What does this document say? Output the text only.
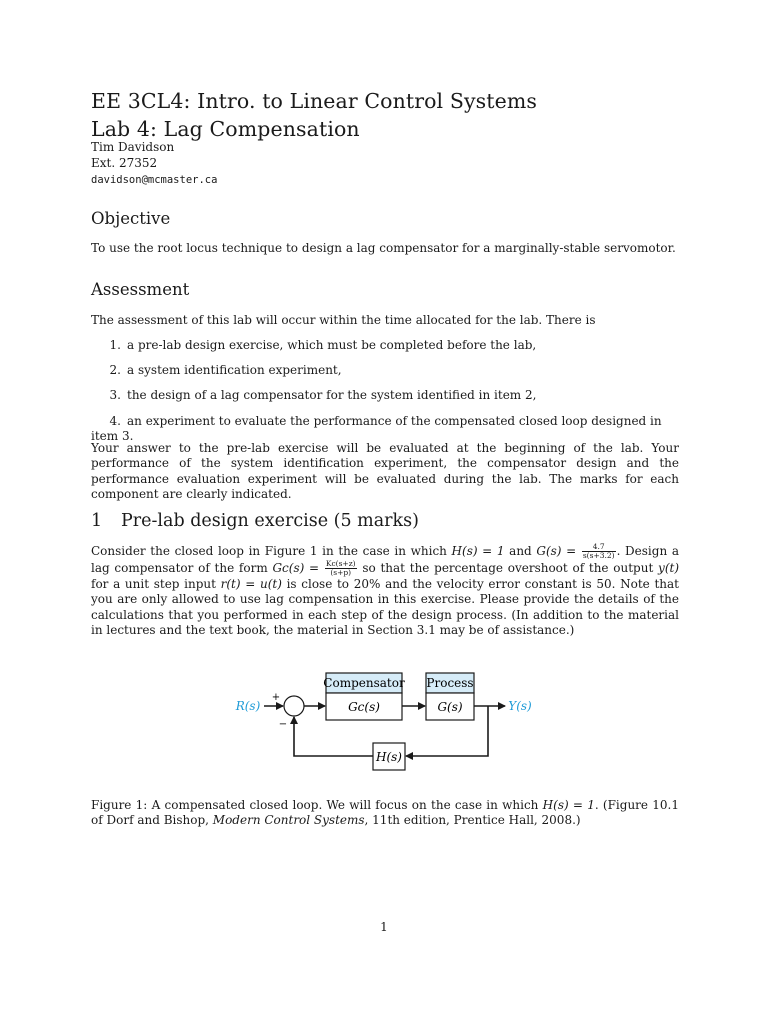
EE 3CL4: Intro. to Linear Control Systems
Lab 4: Lag Compensation
Tim Davidson
Ext. 27352
davidson@mcmaster.ca
Objective
To use the root locus technique to design a lag compensator for a marginally-stable servomotor.
Assessment
The assessment of this lab will occur within the time allocated for the lab. There is
1. a pre-lab design exercise, which must be completed before the lab,
2. a system identification experiment,
3. the design of a lag compensator for the system identified in item 2,
4. an experiment to evaluate the performance of the compensated closed loop designed in item 3.
Your answer to the pre-lab exercise will be evaluated at the beginning of the lab. Your performance of the system identification experiment, the compensator design and the performance evaluation experiment will be evaluated during the lab. The marks for each component are clearly indicated.
1 Pre-lab design exercise (5 marks)
Consider the closed loop in Figure 1 in the case in which H(s) = 1 and $G(s) = \frac{4.7}{s(s+3.2)}$ . Design a lag compensator of the form $Gc(s) = \frac{Kc(s+z)}{(s+p)}$ so that the percentage overshoot of the output y(t) for a unit step input r(t) = u(t) is close to 20% and the velocity error constant is 50. Note that you are only allowed to use lag compensation in this exercise. Please provide the details of the calculations that you performed in each step of the design process. (In addition to the material in lectures and the text book, the material in Section 3.1 may be of assistance.)
Compensator
Gc(s)
Process
G(s)
H(s)
+
−
R(s)	Y(s)
Figure 1: A compensated closed loop. We will focus on the case in which H(s) = 1. (Figure 10.1 of Dorf and Bishop, Modern Control Systems, 11th edition, Prentice Hall, 2008.)
1
